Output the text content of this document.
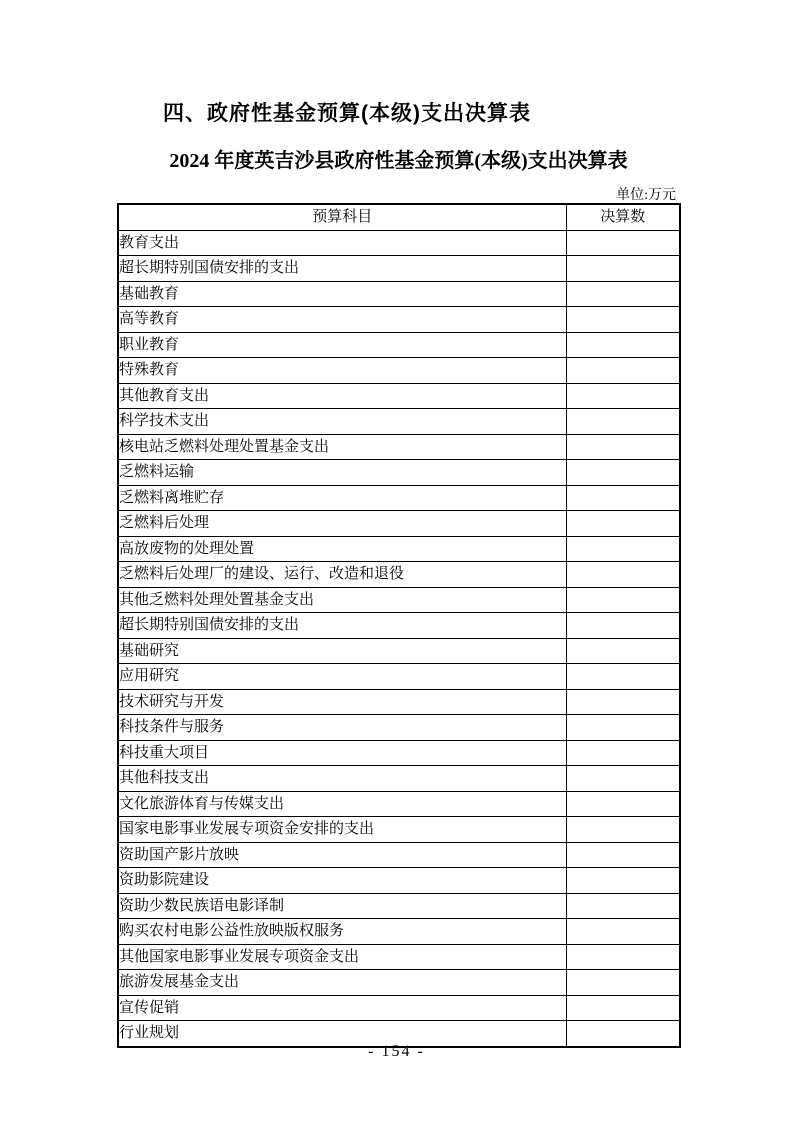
四、政府性基金预算(本级)支出决算表
2024 年度英吉沙县政府性基金预算(本级)支出决算表
单位:万元
预算科目	决算数
教育支出	
超长期特别国债安排的支出	
基础教育	
高等教育	
职业教育	
特殊教育	
其他教育支出	
科学技术支出	
核电站乏燃料处理处置基金支出	
乏燃料运输	
乏燃料离堆贮存	
乏燃料后处理	
高放废物的处理处置	
乏燃料后处理厂的建设、运行、改造和退役	
其他乏燃料处理处置基金支出	
超长期特别国债安排的支出	
基础研究	
应用研究	
技术研究与开发	
科技条件与服务	
科技重大项目	
其他科技支出	
文化旅游体育与传媒支出	
国家电影事业发展专项资金安排的支出	
资助国产影片放映	
资助影院建设	
资助少数民族语电影译制	
购买农村电影公益性放映版权服务	
其他国家电影事业发展专项资金支出	
旅游发展基金支出	
宣传促销	
行业规划	
- 154 -
